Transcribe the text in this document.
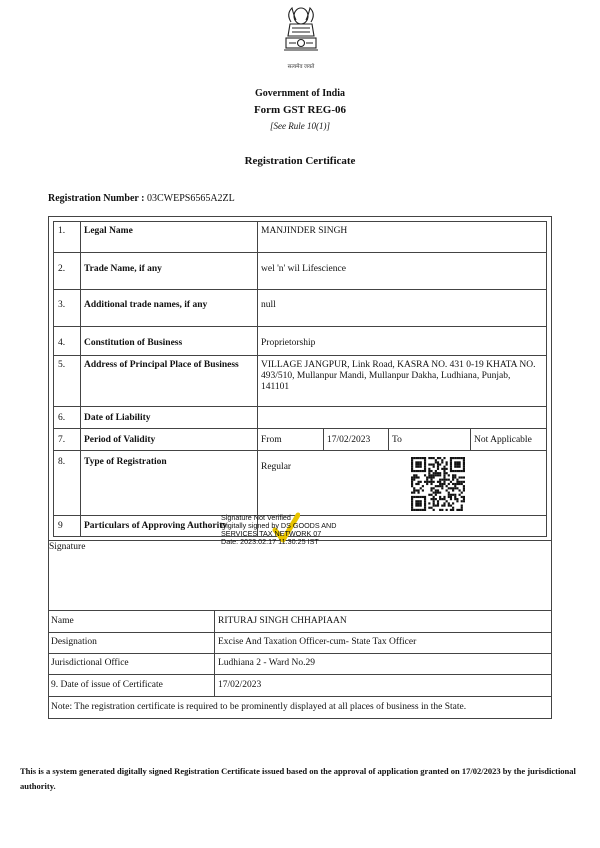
सत्यमेव जयते
Government of India
Form GST REG-06
[See Rule 10(1)]
Registration Certificate
Registration Number : 03CWEPS6565A2ZL
1. Legal Name	MANJINDER SINGH
2. Trade Name, if any	wel 'n' wil Lifescience
3. Additional trade names, if any	null
4. Constitution of Business	Proprietorship
5. Address of Principal Place of Business	VILLAGE JANGPUR, Link Road, KASRA NO. 431 0-19 KHATA NO. 493/510, Mullanpur Mandi, Mullanpur Dakha, Ludhiana, Punjab, 141101
6. Date of Liability
7. Period of Validity	From	17/02/2023 To	Not Applicable
8. Type of Registration	Regular
9 Particulars of Approving Authority
Signature
Signature Not Verified
Digitally signed by DS GOODS AND SERVICES TAX NETWORK 07
Date: 2023.02.17 11:30:25 IST
Name	RITURAJ SINGH CHHAPIAAN
Designation	Excise And Taxation Officer-cum- State Tax Officer
Jurisdictional Office	Ludhiana 2 - Ward No.29
9. Date of issue of Certificate	17/02/2023
Note: The registration certificate is required to be prominently displayed at all places of business in the State.
This is a system generated digitally signed Registration Certificate issued based on the approval of application granted on 17/02/2023 by the jurisdictional authority.
